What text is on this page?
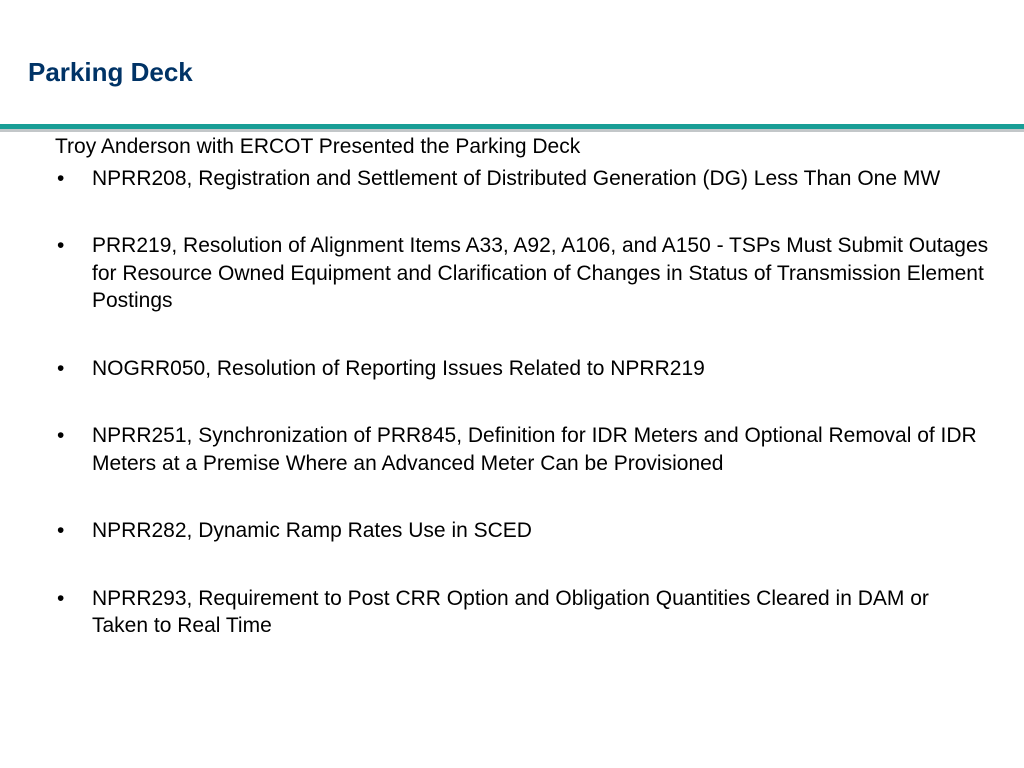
Parking Deck

Troy Anderson with ERCOT Presented the Parking Deck

• NPRR208, Registration and Settlement of Distributed Generation (DG) Less Than One MW
• PRR219, Resolution of Alignment Items A33, A92, A106, and A150 - TSPs Must Submit Outages for Resource Owned Equipment and Clarification of Changes in Status of Transmission Element Postings
• NOGRR050, Resolution of Reporting Issues Related to NPRR219
• NPRR251, Synchronization of PRR845, Definition for IDR Meters and Optional Removal of IDR Meters at a Premise Where an Advanced Meter Can be Provisioned
• NPRR282, Dynamic Ramp Rates Use in SCED
• NPRR293, Requirement to Post CRR Option and Obligation Quantities Cleared in DAM or Taken to Real Time
